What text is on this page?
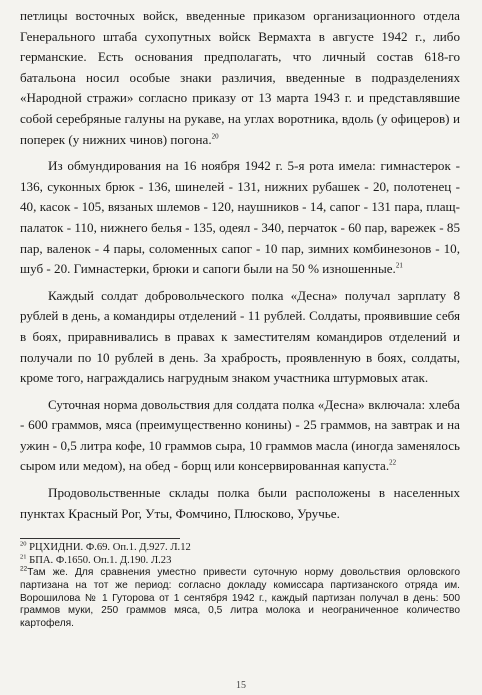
петлицы восточных войск, введенные приказом организационного отдела Генерального штаба сухопутных войск Вермахта в августе 1942 г., либо германские. Есть основания предполагать, что личный состав 618-го батальона носил особые знаки различия, введенные в подразделениях «Народной стражи» согласно приказу от 13 марта 1943 г. и представлявшие собой серебряные галуны на рукаве, на углах воротника, вдоль (у офицеров) и поперек (у нижних чинов) погона.$^{20}$

Из обмундирования на 16 ноября 1942 г. 5-я рота имела: гимнастерок - 136, суконных брюк - 136, шинелей - 131, нижних рубашек - 20, полотенец - 40, касок - 105, вязаных шлемов - 120, наушников - 14, сапог - 131 пара, плащ-палаток - 110, нижнего белья - 135, одеял - 340, перчаток - 60 пар, варежек - 85 пар, валенок - 4 пары, соломенных сапог - 10 пар, зимних комбинезонов - 10, шуб - 20. Гимнастерки, брюки и сапоги были на 50 % изношенные.$^{21}$

Каждый солдат добровольческого полка «Десна» получал зарплату 8 рублей в день, а командиры отделений - 11 рублей. Солдаты, проявившие себя в боях, приравнивались в правах к заместителям командиров отделений и получали по 10 рублей в день. За храбрость, проявленную в боях, солдаты, кроме того, награждались нагрудным знаком участника штурмовых атак.

Суточная норма довольствия для солдата полка «Десна» включала: хлеба - 600 граммов, мяса (преимущественно конины) - 25 граммов, на завтрак и на ужин - 0,5 литра кофе, 10 граммов сыра, 10 граммов масла (иногда заменялось сыром или медом), на обед - борщ или консервированная капуста.$^{22}$

Продовольственные склады полка были расположены в населенных пунктах Красный Рог, Уты, Фомчино, Плюсково, Уручье.

$^{20}$ РЦХИДНИ. Ф.69. Оп.1. Д.927. Л.12

$^{21}$ БПА. Ф.1650. Оп.1. Д.190. Л.23

$^{22}$Там же. Для сравнения уместно привести суточную норму довольствия орловского партизана на тот же период: согласно докладу комиссара партизанского отряда им. Ворошилова № 1 Гуторова от 1 сентября 1942 г., каждый партизан получал в день: 500 граммов муки, 250 граммов мяса, 0,5 литра молока и неограниченное количество картофеля.

15
